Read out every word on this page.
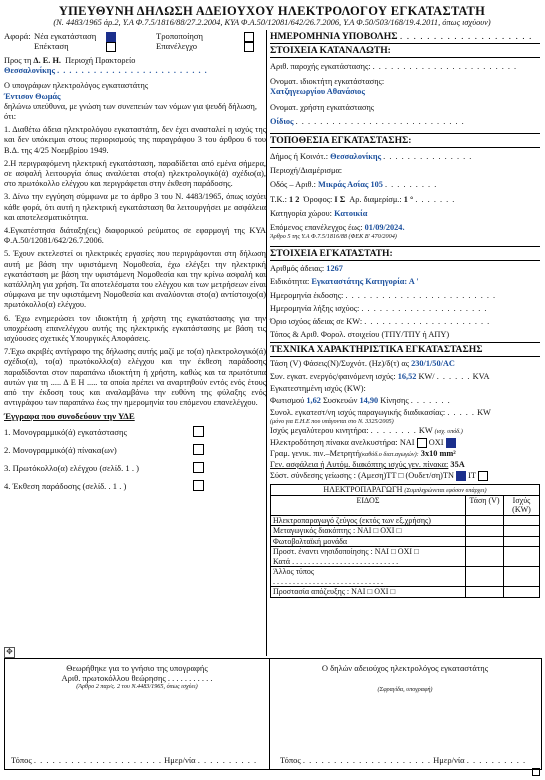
ΥΠΕΥΘΥΝΗ ΔΗΛΩΣΗ ΑΔΕΙΟΥΧΟΥ ΗΛΕΚΤΡΟΛΟΓΟΥ ΕΓΚΑΤΑΣΤΑΤΗ
(Ν. 4483/1965 άρ.2, Υ.Α Φ.7.5/1816/88/27.2.2004, ΚΥΑ Φ.Α.50/12081/642/26.7.2006, Υ.Α Φ.50/503/168/19.4.2011, όπως ισχύουν)
Αφορά: Νέα εγκατάσταση	Τροποποίηση
Επέκταση	Επανέλεγχο

Προς τη Δ. Ε. Η. Περιοχή Πρακτορείο

Θεσσαλονίκης . . . . . . . . . . . . . . . . . . . . . . . . .

Ο υπογράφων ηλεκτρολόγος εγκαταστάτης

Έντισον Θωμάς

δηλώνω υπεύθυνα, με γνώση των συνεπειών των νόμων για ψευδή δήλωση, ότι:

1. Διαθέτω άδεια ηλεκτρολόγου εγκαταστάτη, δεν έχει ανασταλεί η ισχύς της και δεν υπόκειμαι στους περιορισμούς της παραγράφου 3 του άρθρου 6 του Β.Δ. της 4/25 Νοεμβρίου 1949.

2.Η περιγραφόμενη ηλεκτρική εγκατάσταση, παραδίδεται από εμένα σήμερα, σε ασφαλή λειτουργία όπως αναλύεται στο(α) ηλεκτρολογικό(ά) σχέδιο(α), στο πρωτόκολλο ελέγχου και περιγράφεται στην έκθεση παράδοσης.

3. Δίνω την εγγύηση σύμφωνα με το άρθρο 3 του Ν. 4483/1965, όπως ισχύει κάθε φορά, ότι αυτή η ηλεκτρική εγκατάσταση θα λειτουργήσει με ασφάλεια και αποτελεσματικότητα.

4.Εγκατέστησα διάταξη(εις) διαφορικού ρεύματος σε εφαρμογή της ΚΥΑ Φ.Α.50/12081/642/26.7.2006.

5. Έχουν εκτελεστεί οι ηλεκτρικές εργασίες που περιγράφονται στη δήλωση αυτή με βάση την υφιστάμενη Νομοθεσία, έχω ελέγξει την ηλεκτρική εγκατάσταση με βάση την υφιστάμενη Νομοθεσία και την κρίνω ασφαλή και κατάλληλη για χρήση. Τα αποτελέσματα του ελέγχου και των μετρήσεων είναι σύμφωνα με την υφιστάμενη Νομοθεσία και αναλύονται στο(α) αντίστοιχο(α) πρωτόκολλο(α) ελέγχου.

6. Έχω ενημερώσει τον ιδιοκτήτη ή χρήστη της εγκατάστασης για την υποχρέωση επανελέγχου αυτής της ηλεκτρικής εγκατάστασης με βάση τις ισχύουσες σχετικές Υπουργικές Αποφάσεις.

7.Έχω ακριβές αντίγραφο της δήλωσης αυτής μαζί με το(α) ηλεκτρολογικό(ά) σχέδιο(α), το(α) πρωτόκολλο(α) ελέγχου και την έκθεση παράδοσης παραδίδονται στον παραπάνω ιδιοκτήτη ή χρήστη, καθώς και τα πρωτότυπα αυτών για τη ..... Δ Ε Η ..... τα οποία πρέπει να αναρτηθούν εντός ενός έτους από την έκδοση τους και αναλαμβάνω την ευθύνη της φύλαξης ενός αντιγράφου των παραπάνω έως την ημερομηνία του επόμενου επανελέγχου.

Έγγραφα που συνοδεύουν την ΥΔΕ

1. Μονογραμμικό(ά) εγκατάστασης
2. Μονογραμμικό(ά) πίνακα(ων)
3. Πρωτόκολλο(α) ελέγχου (σελίδ. 1 . )
4. Έκθεση παράδοσης (σελίδ. . 1 . )
ΗΜΕΡΟΜΗΝΙΑ ΥΠΟΒΟΛΗΣ . . . . . . . . . . . . . . . . . . . .
ΣΤΟΙΧΕΙΑ ΚΑΤΑΝΑΛΩΤΗ:

Αριθ. παροχής εγκατάστασης: . . . . . . . . . . . . . . . . . . . . . . . .

Ονοματ. ιδιοκτήτη εγκατάστασης:

Χατζηγεωργίου Αθανάσιος

Ονοματ. χρήστη εγκατάστασης

Οίδιος . . . . . . . . . . . . . . . . . . . . . . . . . . . .

ΤΟΠΟΘΕΣΙΑ ΕΓΚΑΤΑΣΤΑΣΗΣ:

Δήμος ή Κοινότ.: Θεσσαλονίκης . . . . . . . . . . . . . . .

Περιοχή/Διαμέρισμα:

Οδός – Αριθ.: Μικράς Ασίας 105 . . . . . . . . .

Τ.Κ.: 1 2 Όροφος: Ι Σ Αρ. διαμερίσμ.: 1 ° . . . . . . .

Κατηγορία χώρου: Κατοικία

Επόμενος επανέλεγχος έως: 01/09/2024.

Άρθρο 5 της Υ.Α Φ.7.5/1816/88 (ΦΕΚ Β' 470/2004)

ΣΤΟΙΧΕΙΑ ΕΓΚΑΤΑΣΤΑΤΗ:

Αριθμός άδειας: 1267

Ειδικότητα: Εγκαταστάτης Κατηγορία: Α '

Ημερομηνία έκδοσης: . . . . . . . . . . . . . . . . . . . . . . . . .

Ημερομηνία λήξης ισχύος: . . . . . . . . . . . . . . . . . . . . .

Όριο ισχύος άδειας σε KW: . . . . . . . . . . . . . . . . . . . . .

Τόπος & Αριθ. Φορολ. στοιχείου (ΤΠΥ/ΤΠΥ ή ΑΠΥ)

ΤΕΧΝΙΚΑ ΧΑΡΑΚΤΗΡΙΣΤΙΚΑ ΕΓΚΑΤΑΣΤΑΣΗΣ

Τάση (V) Φάσεις(Ν)/Συχνότ. (Hz)/δ(τ) ας 230/1/50/AC

Συν. εγκατ. ενεργός/φαινόμενη ισχύς: 16,52 KW/ . . . . . . KVA

Εγκατεστημένη ισχύς (KW):

Φωτισμού 1,62 Συσκευών 14,90 Κίνησης . . . . . . .

Συνολ. εγκατεστ/νη ισχύς παραγωγικής διαδικασίας: . . . . . KW

(μόνο για Ε.Η.Ε που υπάγονται στο Ν. 3325/2005)

Ισχύς μεγαλύτερου κινητήρα: . . . . . . . . KW (ισχ. υπόδ.)

Ηλεκτροδότηση πίνακα ανελκυστήρα: ΝΑΙ ΟΧΙ

Γραμ. γενικ. πιν.–Μετρητή(καθόδ.ο διατ.αγωγών): 3x10 mm²

Γεν. ασφάλεια ή Αυτόμ. διακόπτης ισχύς γεν. πίνακα: 35A

Σύστ. σύνδεσης γείωσης : (Αμεση)ΤΤ □ (Ουδετ/ση)ΤΝ ΙΤ

ΗΛΕΚΤΡΟΠΑΡΑΓΩΓΗ (Συμπληρώνεται εφόσον υπάρχει)		
ΕΙΔΟΣ	Τάση (V)	Ισχύς (KW)
Ηλεκτροπαραγωγό ζεύγος (εκτός των εξ.χρήσης)		
Μεταγωγικός διακόπτης : ΝΑΙ □ ΟΧΙ □		
Φωτοβολταϊκή μονάδα		
Προστ. έναντι νησιδοποίησης : ΝΑΙ □ ΟΧΙ □
Κατά . . . . . . . . . . . . . . . . . . . . . . . . . . .		
Άλλος τύπος
. . . . . . . . . . . . . . . . . . . . . . . . . . . .		
Προστασία απόζευξης : ΝΑΙ □ ΟΧΙ □		
✥

Θεωρήθηκε για το γνήσιο της υπογραφής

Αριθ. πρωτοκόλλου θεώρησης . . . . . . . . . . .

(Άρθρο 2 παρ/ς. 2 του Ν.4483/1965, όπως ισχύει)

Τόπος . . . . . . . . . . . . . . . . . . . . . Ημερ/νία . . . . . . . . . .

Ο δηλών αδειούχος ηλεκτρολόγος εγκαταστάτης

(Σφραγίδα, υπογραφή)

Τόπος . . . . . . . . . . . . . . . . . . . . . Ημερ/νία . . . . . . . . . .
